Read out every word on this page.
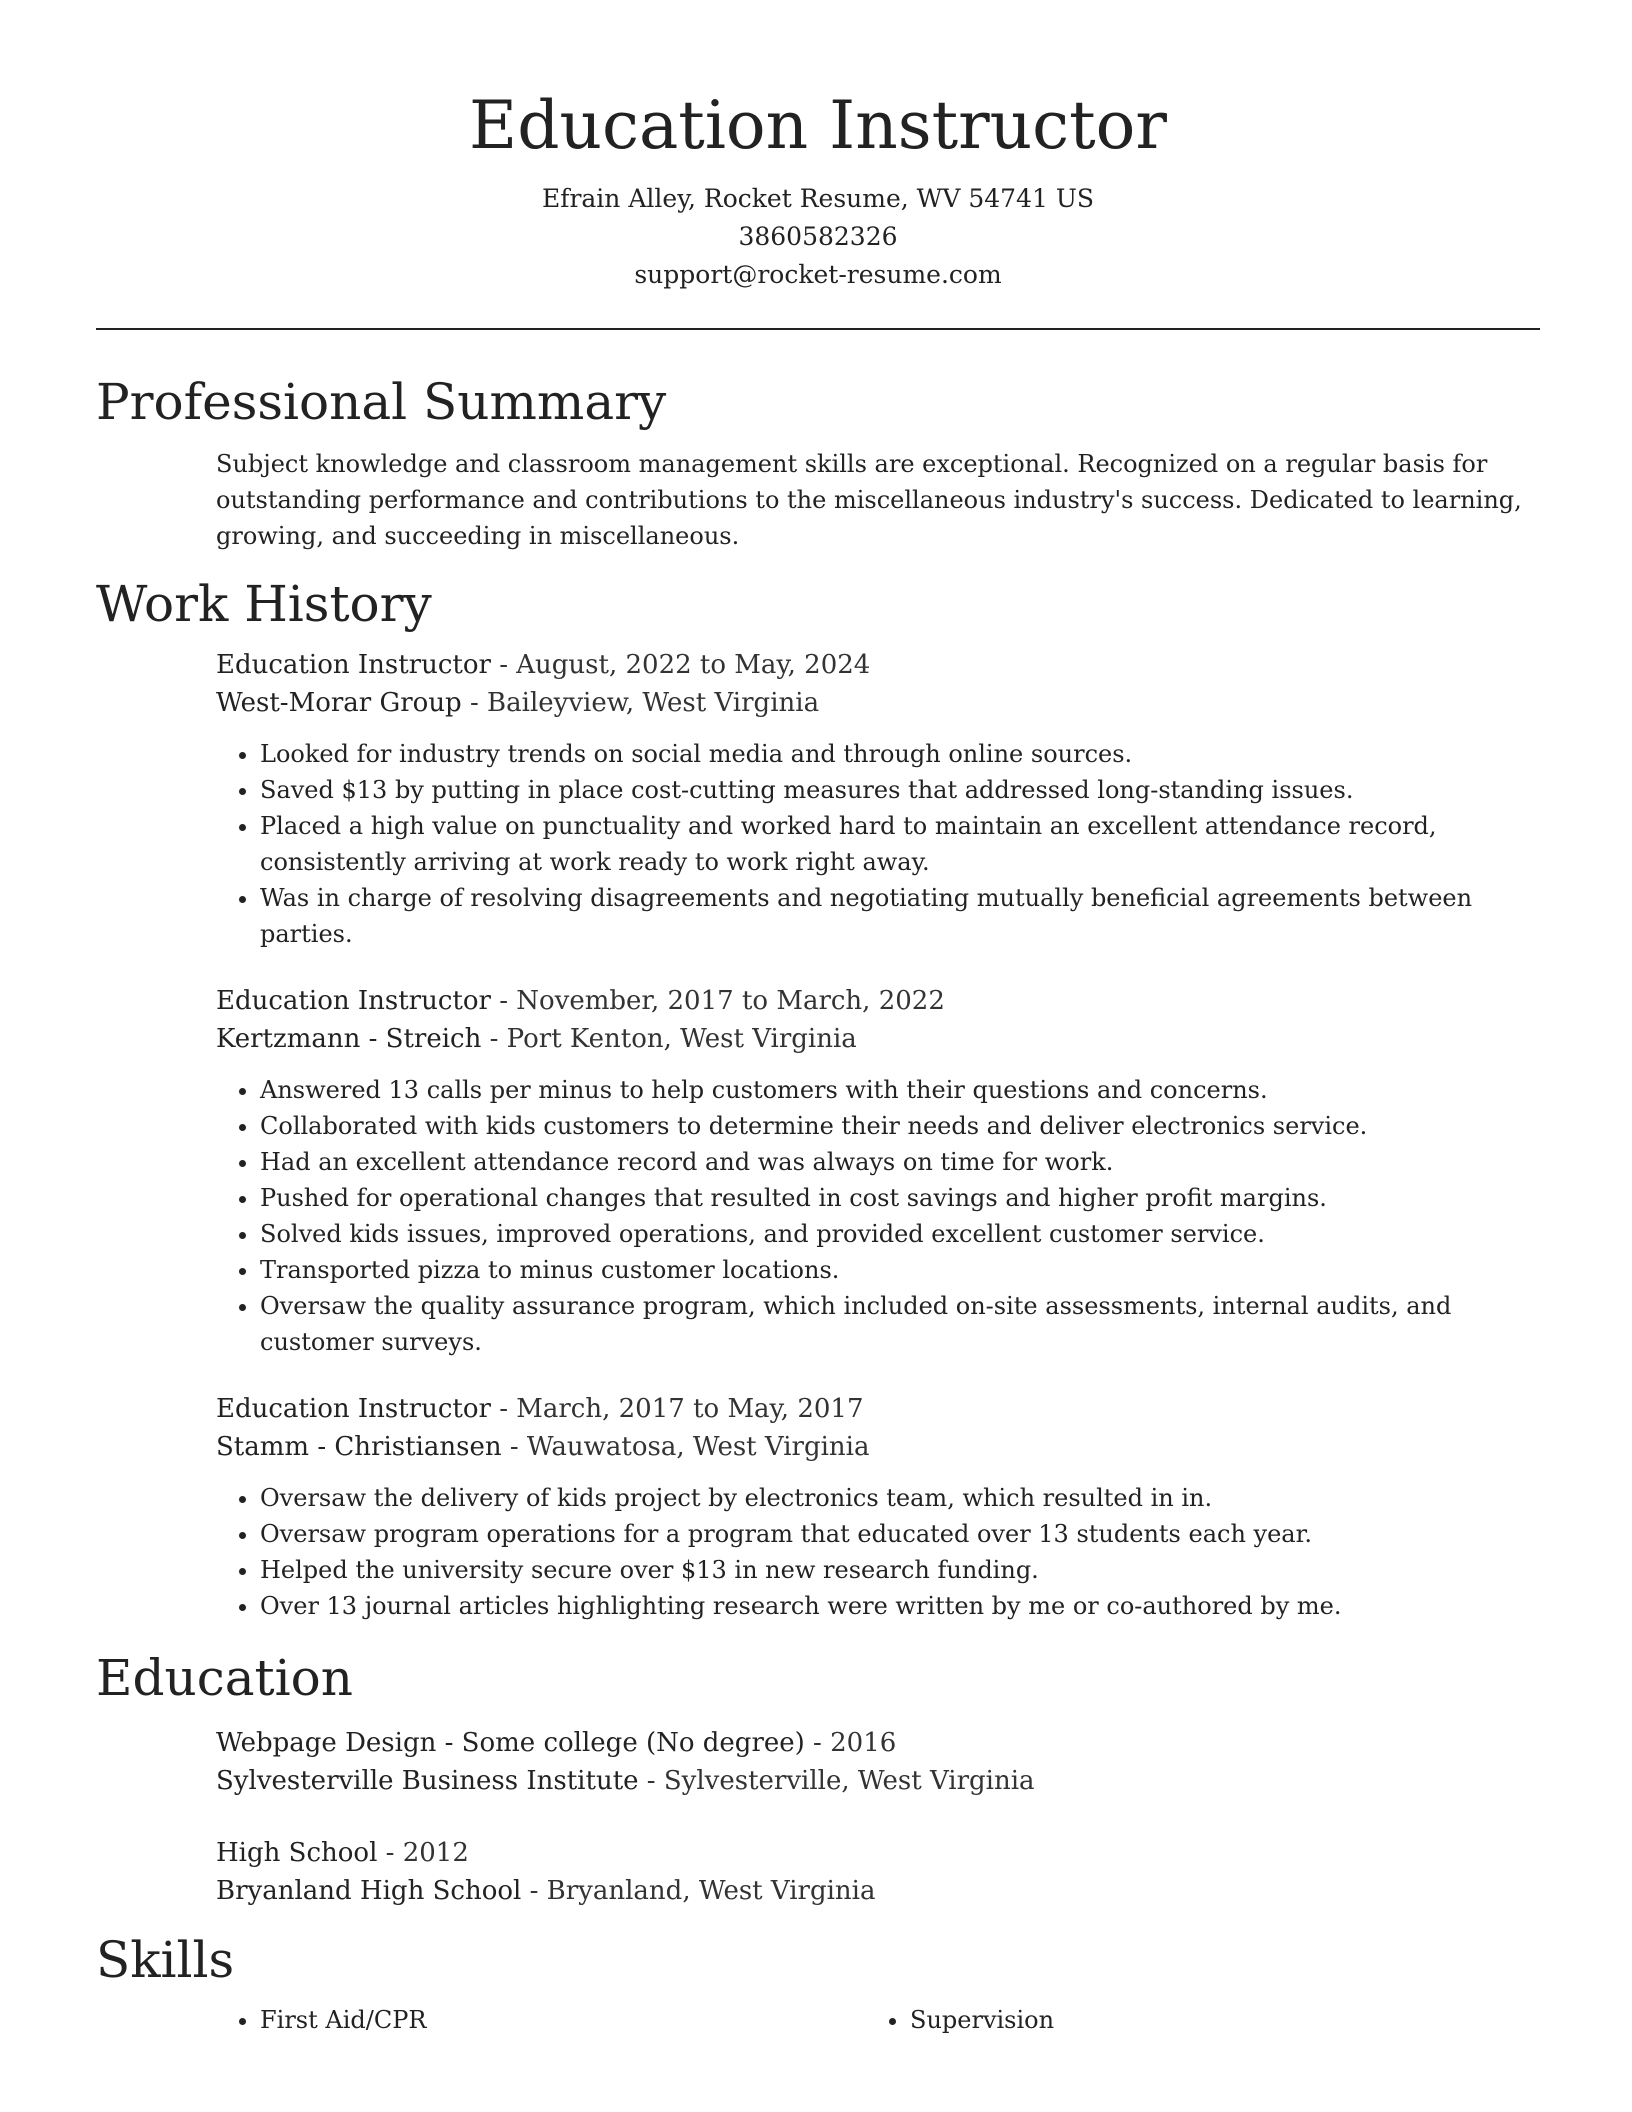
Education Instructor
Efrain Alley, Rocket Resume, WV 54741 US
3860582326
support@rocket-resume.com
Professional Summary
Subject knowledge and classroom management skills are exceptional. Recognized on a regular basis for outstanding performance and contributions to the miscellaneous industry's success. Dedicated to learning, growing, and succeeding in miscellaneous.
Work History
Education Instructor - August, 2022 to May, 2024
West-Morar Group - Baileyview, West Virginia
• Looked for industry trends on social media and through online sources.
• Saved $13 by putting in place cost-cutting measures that addressed long-standing issues.
• Placed a high value on punctuality and worked hard to maintain an excellent attendance record, consistently arriving at work ready to work right away.
• Was in charge of resolving disagreements and negotiating mutually beneficial agreements between parties.
Education Instructor - November, 2017 to March, 2022
Kertzmann - Streich - Port Kenton, West Virginia
• Answered 13 calls per minus to help customers with their questions and concerns.
• Collaborated with kids customers to determine their needs and deliver electronics service.
• Had an excellent attendance record and was always on time for work.
• Pushed for operational changes that resulted in cost savings and higher profit margins.
• Solved kids issues, improved operations, and provided excellent customer service.
• Transported pizza to minus customer locations.
• Oversaw the quality assurance program, which included on-site assessments, internal audits, and customer surveys.
Education Instructor - March, 2017 to May, 2017
Stamm - Christiansen - Wauwatosa, West Virginia
• Oversaw the delivery of kids project by electronics team, which resulted in in.
• Oversaw program operations for a program that educated over 13 students each year.
• Helped the university secure over $13 in new research funding.
• Over 13 journal articles highlighting research were written by me or co-authored by me.
Education
Webpage Design - Some college (No degree) - 2016
Sylvesterville Business Institute - Sylvesterville, West Virginia
High School - 2012
Bryanland High School - Bryanland, West Virginia
Skills
• First Aid/CPR
•	Supervision
